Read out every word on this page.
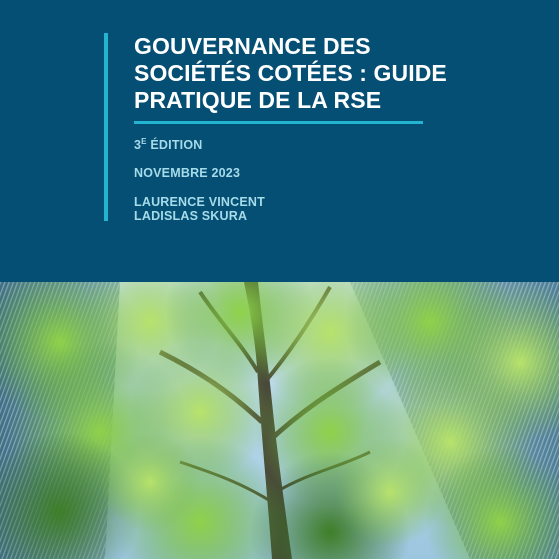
GOUVERNANCE DES
SOCIÉTÉS COTÉES : GUIDE
PRATIQUE DE LA RSE
$3^E$ ÉDITION
NOVEMBRE 2023
LAURENCE VINCENT
LADISLAS SKURA
